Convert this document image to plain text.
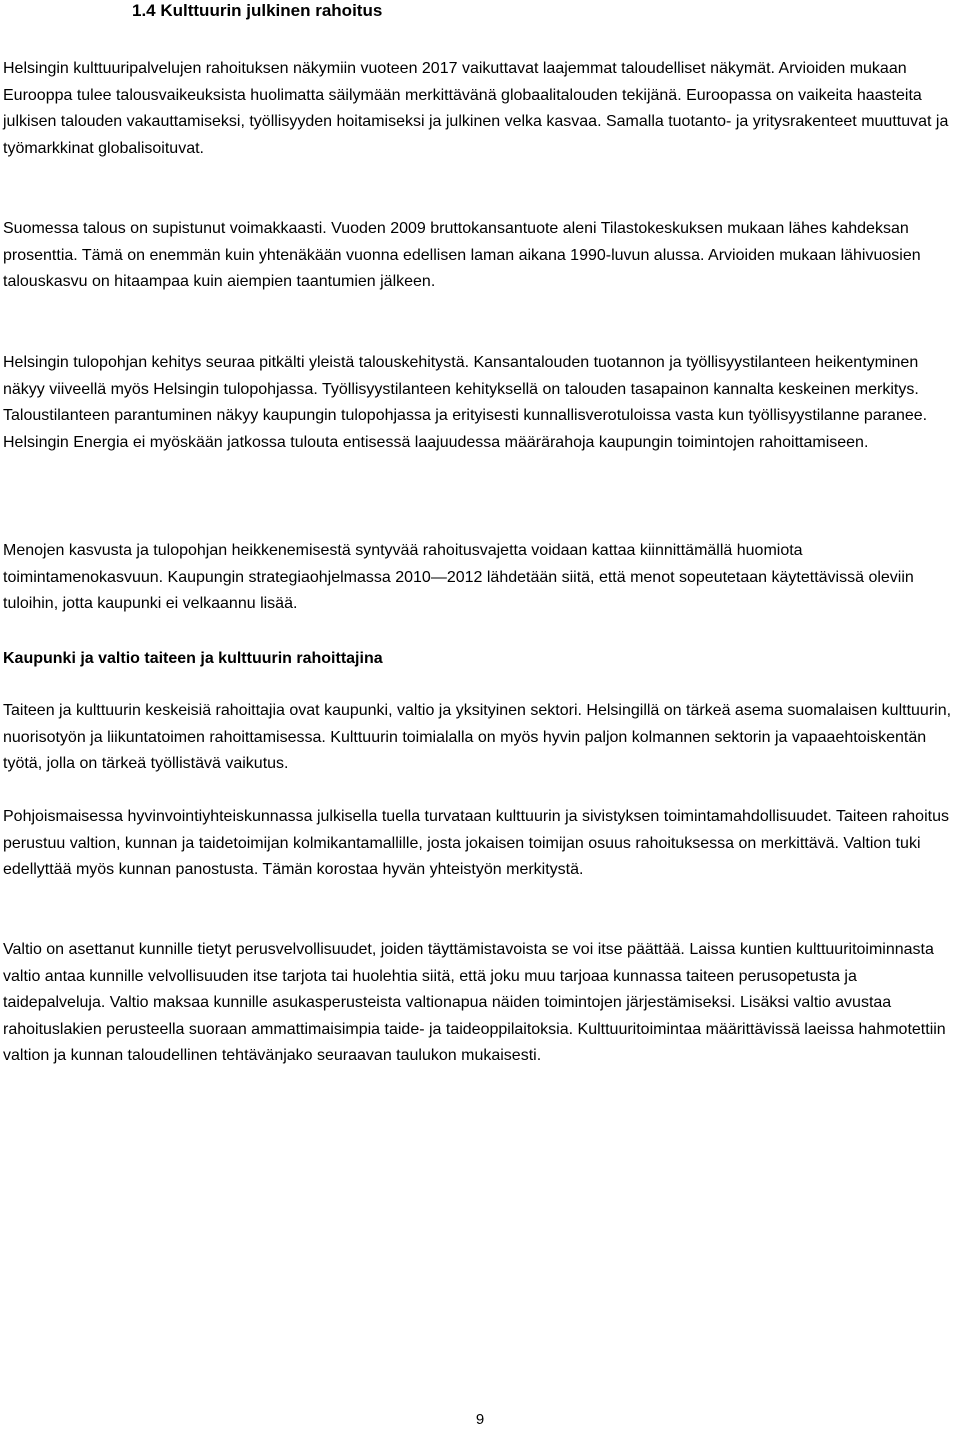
1.4 Kulttuurin julkinen rahoitus

Helsingin kulttuuripalvelujen rahoituksen näkymiin vuoteen 2017 vaikuttavat laajemmat taloudelliset näkymät. Arvioiden mukaan Eurooppa tulee talousvaikeuksista huolimatta säilymään merkittävänä globaalitalouden tekijänä. Euroopassa on vaikeita haasteita julkisen talouden vakauttamiseksi, työllisyyden hoitamiseksi ja julkinen velka kasvaa. Samalla tuotanto- ja yritysrakenteet muuttuvat ja työmarkkinat globalisoituvat.

Suomessa talous on supistunut voimakkaasti. Vuoden 2009 bruttokansantuote aleni Tilastokeskuksen mukaan lähes kahdeksan prosenttia. Tämä on enemmän kuin yhtenäkään vuonna edellisen laman aikana 1990-luvun alussa. Arvioiden mukaan lähivuosien talouskasvu on hitaampaa kuin aiempien taantumien jälkeen.

Helsingin tulopohjan kehitys seuraa pitkälti yleistä talouskehitystä. Kansantalouden tuotannon ja työllisyystilanteen heikentyminen näkyy viiveellä myös Helsingin tulopohjassa. Työllisyystilanteen kehityksellä on talouden tasapainon kannalta keskeinen merkitys. Taloustilanteen parantuminen näkyy kaupungin tulopohjassa ja erityisesti kunnallisverotuloissa vasta kun työllisyystilanne paranee. Helsingin Energia ei myöskään jatkossa tulouta entisessä laajuudessa määrärahoja kaupungin toimintojen rahoittamiseen.

Menojen kasvusta ja tulopohjan heikkenemisestä syntyvää rahoitusvajetta voidaan kattaa kiinnittämällä huomiota toimintamenokasvuun. Kaupungin strategiaohjelmassa 2010—2012 lähdetään siitä, että menot sopeutetaan käytettävissä oleviin tuloihin, jotta kaupunki ei velkaannu lisää.

Kaupunki ja valtio taiteen ja kulttuurin rahoittajina

Taiteen ja kulttuurin keskeisiä rahoittajia ovat kaupunki, valtio ja yksityinen sektori. Helsingillä on tärkeä asema suomalaisen kulttuurin, nuorisotyön ja liikuntatoimen rahoittamisessa. Kulttuurin toimialalla on myös hyvin paljon kolmannen sektorin ja vapaaehtoiskentän työtä, jolla on tärkeä työllistävä vaikutus.

Pohjoismaisessa hyvinvointiyhteiskunnassa julkisella tuella turvataan kulttuurin ja sivistyksen toimintamahdollisuudet. Taiteen rahoitus perustuu valtion, kunnan ja taidetoimijan kolmikantamallille, josta jokaisen toimijan osuus rahoituksessa on merkittävä. Valtion tuki edellyttää myös kunnan panostusta. Tämän korostaa hyvän yhteistyön merkitystä.

Valtio on asettanut kunnille tietyt perusvelvollisuudet, joiden täyttämistavoista se voi itse päättää. Laissa kuntien kulttuuritoiminnasta valtio antaa kunnille velvollisuuden itse tarjota tai huolehtia siitä, että joku muu tarjoaa kunnassa taiteen perusopetusta ja taidepalveluja. Valtio maksaa kunnille asukasperusteista valtionapua näiden toimintojen järjestämiseksi. Lisäksi valtio avustaa rahoituslakien perusteella suoraan ammattimaisimpia taide- ja taideoppilaitoksia. Kulttuuritoimintaa määrittävissä laeissa hahmotettiin valtion ja kunnan taloudellinen tehtävänjako seuraavan taulukon mukaisesti.

9
